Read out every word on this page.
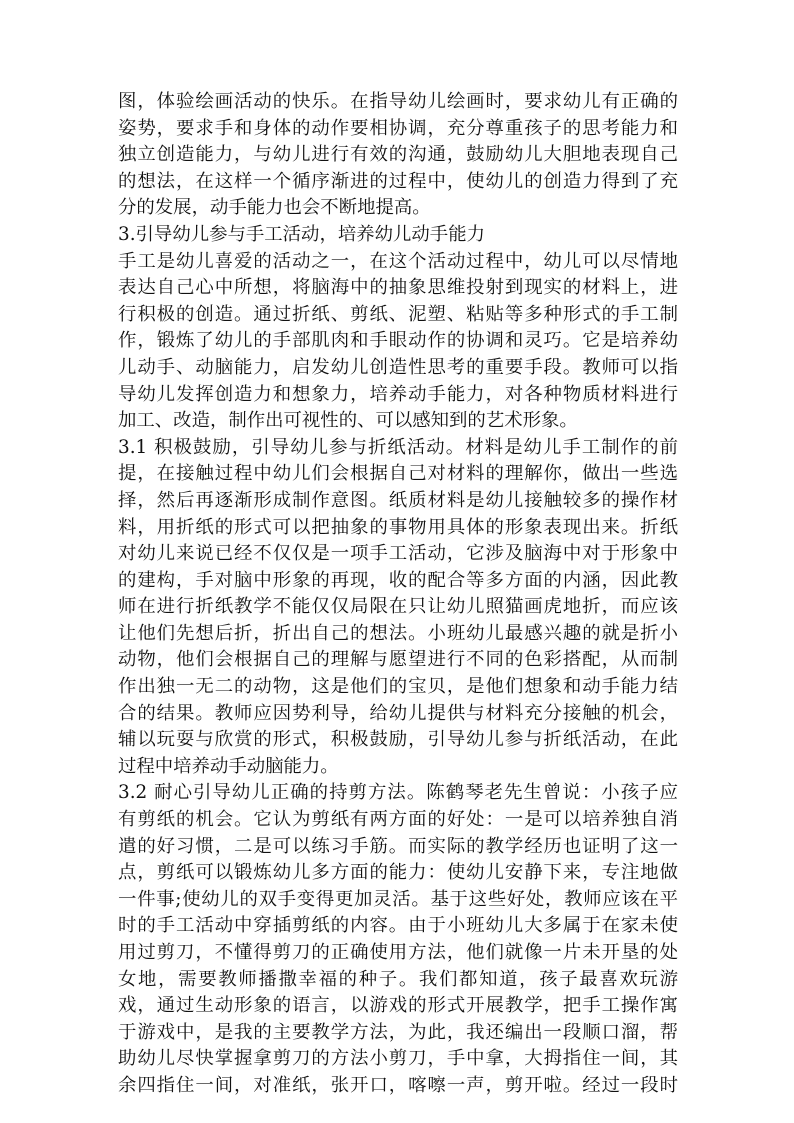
图，体验绘画活动的快乐。在指导幼儿绘画时，要求幼儿有正确的
姿势，要求手和身体的动作要相协调，充分尊重孩子的思考能力和
独立创造能力，与幼儿进行有效的沟通，鼓励幼儿大胆地表现自己
的想法，在这样一个循序渐进的过程中，使幼儿的创造力得到了充
分的发展，动手能力也会不断地提高。
3.引导幼儿参与手工活动，培养幼儿动手能力
手工是幼儿喜爱的活动之一，在这个活动过程中，幼儿可以尽情地
表达自己心中所想，将脑海中的抽象思维投射到现实的材料上，进
行积极的创造。通过折纸、剪纸、泥塑、粘贴等多种形式的手工制
作，锻炼了幼儿的手部肌肉和手眼动作的协调和灵巧。它是培养幼
儿动手、动脑能力，启发幼儿创造性思考的重要手段。教师可以指
导幼儿发挥创造力和想象力，培养动手能力，对各种物质材料进行
加工、改造，制作出可视性的、可以感知到的艺术形象。
3.1 积极鼓励，引导幼儿参与折纸活动。材料是幼儿手工制作的前
提，在接触过程中幼儿们会根据自己对材料的理解你，做出一些选
择，然后再逐渐形成制作意图。纸质材料是幼儿接触较多的操作材
料，用折纸的形式可以把抽象的事物用具体的形象表现出来。折纸
对幼儿来说已经不仅仅是一项手工活动，它涉及脑海中对于形象中
的建构，手对脑中形象的再现，收的配合等多方面的内涵，因此教
师在进行折纸教学不能仅仅局限在只让幼儿照猫画虎地折，而应该
让他们先想后折，折出自己的想法。小班幼儿最感兴趣的就是折小
动物，他们会根据自己的理解与愿望进行不同的色彩搭配，从而制
作出独一无二的动物，这是他们的宝贝，是他们想象和动手能力结
合的结果。教师应因势利导，给幼儿提供与材料充分接触的机会，
辅以玩耍与欣赏的形式，积极鼓励，引导幼儿参与折纸活动，在此
过程中培养动手动脑能力。
3.2 耐心引导幼儿正确的持剪方法。陈鹤琴老先生曾说：小孩子应
有剪纸的机会。它认为剪纸有两方面的好处：一是可以培养独自消
遣的好习惯，二是可以练习手筋。而实际的教学经历也证明了这一
点，剪纸可以锻炼幼儿多方面的能力：使幼儿安静下来，专注地做
一件事;使幼儿的双手变得更加灵活。基于这些好处，教师应该在平
时的手工活动中穿插剪纸的内容。由于小班幼儿大多属于在家未使
用过剪刀，不懂得剪刀的正确使用方法，他们就像一片未开垦的处
女地，需要教师播撒幸福的种子。我们都知道，孩子最喜欢玩游
戏，通过生动形象的语言，以游戏的形式开展教学，把手工操作寓
于游戏中，是我的主要教学方法，为此，我还编出一段顺口溜，帮
助幼儿尽快掌握拿剪刀的方法小剪刀，手中拿，大拇指住一间，其
余四指住一间，对准纸，张开口，喀嚓一声，剪开啦。经过一段时
